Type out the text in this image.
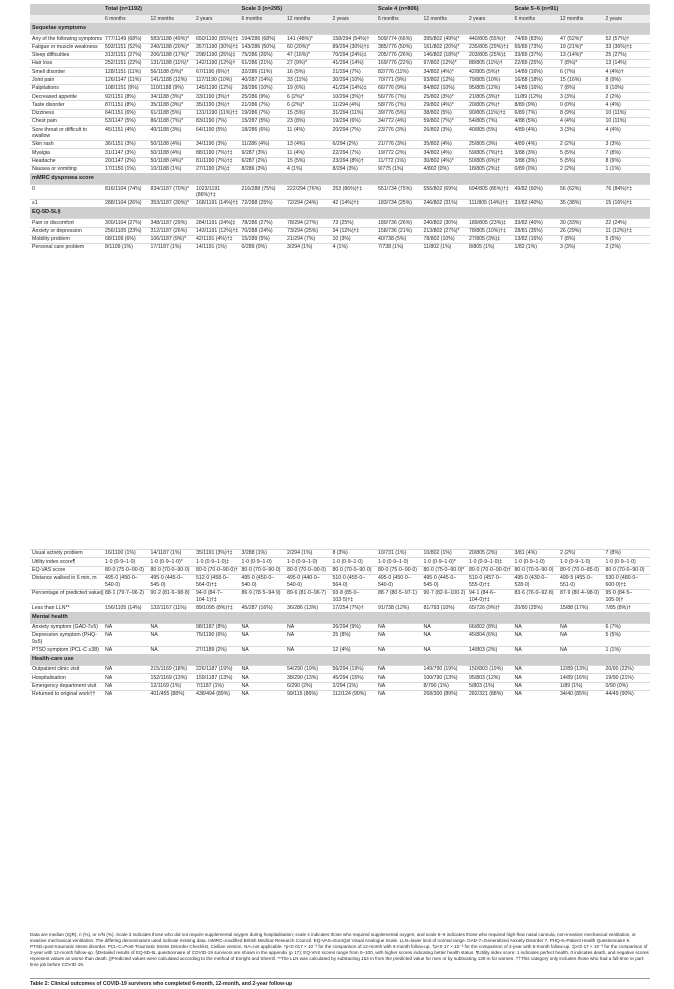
	Total (n=1192)			Scale 3 (n=295)			Scale 4 (n=806)			Scale 5–6 (n=91)		
	6 months	12 months	2 years	6 months	12 months	2 years	6 months	12 months	2 years	6 months	12 months	2 years
Sequelae symptoms												
Any of the following symptoms	777/1149 (68%)	583/1188 (49%)*	650/1190 (55%)†‡	194/286 (68%)	141 (48%)*	158/294 (54%)†	509/774 (66%)	395/802 (49%)*	440/805 (55%)†	74/89 (83%)	47 (52%)*	52 (57%)†
Fatigue or muscle weakness	593/1151 (52%)	240/1188 (20%)*	357/1190 (30%)†‡	143/286 (50%)	60 (20%)*	89/294 (30%)†‡	385/776 (50%)	161/802 (20%)*	235/805 (29%)†‡	65/89 (73%)	19 (21%)*	33 (36%)†‡
Sleep difficulties	313/1151 (27%)	206/1188 (17%)*	298/1190 (25%)‡	75/286 (26%)	47 (16%)*	70/294 (24%)‡	205/776 (26%)	146/802 (18%)*	203/805 (25%)‡	33/89 (37%)	13 (14%)*	25 (27%)
Hair loss	252/1151 (22%)	131/1188 (11%)*	142/1190 (12%)†	61/286 (21%)	27 (9%)*	41/294 (14%)	169/776 (22%)	97/802 (12%)*	88/805 (11%)†	22/89 (25%)	7 (8%)*	13 (14%)
Smell disorder	128/1151 (11%)	56/1188 (5%)*	67/1190 (6%)†	32/286 (11%)	16 (5%)	21/294 (7%)	82/776 (11%)	34/802 (4%)*	42/805 (5%)†	14/89 (16%)	6 (7%)	4 (4%)†
Joint pain	126/1147 (11%)	141/1188 (12%)	117/1190 (10%)	40/287 (14%)	33 (11%)	30/294 (10%)	70/771 (9%)	93/802 (12%)	79/805 (10%)	16/88 (18%)	15 (16%)	8 (9%)
Palpitations	108/1151 (9%)	110/1188 (9%)	145/1190 (12%)	28/286 (10%)	19 (6%)	41/294 (14%)‡	66/776 (9%)	84/802 (10%)	95/805 (12%)	14/89 (16%)	7 (8%)	9 (10%)
Decreased appetite	92/1151 (8%)	34/1188 (3%)*	33/1190 (3%)†	25/286 (9%)	6 (2%)*	10/294 (3%)†	56/776 (7%)	25/802 (3%)*	21/805 (3%)†	11/89 (12%)	3 (3%)	2 (2%)
Taste disorder	87/1151 (8%)	35/1188 (3%)*	35/1190 (3%)†	21/286 (7%)	6 (2%)*	11/294 (4%)	58/776 (7%)	29/802 (4%)*	20/805 (2%)†	8/89 (9%)	0 (0%)	4 (4%)
Dizziness	64/1151 (6%)	61/1188 (5%)	131/1190 (11%)†‡	19/286 (7%)	15 (5%)	31/294 (11%)	39/776 (5%)	38/802 (5%)	90/805 (11%)†‡	6/89 (7%)	8 (9%)	10 (11%)
Chest pain	53/1147 (5%)	86/1188 (7%)*	83/1190 (7%)	15/287 (5%)	23 (8%)	19/294 (6%)	34/772 (4%)	59/802 (7%)*	54/805 (7%)	4/88 (5%)	4 (4%)	10 (11%)
Sore throat or difficult to swallow	45/1151 (4%)	40/1188 (3%)	64/1190 (5%)	18/286 (6%)	11 (4%)	20/294 (7%)	23/776 (3%)	26/802 (3%)	40/805 (5%)	4/89 (4%)	3 (3%)	4 (4%)
Skin rash	36/1151 (3%)	50/1188 (4%)	34/1190 (3%)	11/286 (4%)	13 (4%)	6/294 (2%)	21/776 (3%)	35/802 (4%)	25/805 (3%)	4/89 (4%)	2 (2%)	3 (3%)
Myalgia	31/1147 (3%)	50/1188 (4%)	88/1190 (7%)†‡	9/287 (3%)	11 (4%)	22/294 (7%)	19/772 (2%)	34/802 (4%)	59/805 (7%)†‡	3/88 (3%)	5 (5%)	7 (8%)
Headache	20/1147 (2%)	50/1188 (4%)*	81/1190 (7%)†‡	6/287 (2%)	15 (5%)	23/294 (8%)†	11/772 (1%)	30/802 (4%)*	50/805 (6%)†	3/88 (3%)	5 (5%)	8 (9%)
Nausea or vomiting	17/1150 (1%)	10/1188 (1%)	27/1190 (2%)‡	8/286 (3%)	4 (1%)	8/294 (3%)	9/775 (1%)	4/802 (0%)	18/805 (2%)‡	0/89 (0%)	2 (2%)	1 (1%)
mMRC dyspnoea score												
0	816/1104 (74%)	834/1187 (70%)*	1023/1191 (86%)†‡	216/288 (75%)	222/294 (76%)	253 (86%)†‡	551/734 (75%)	556/802 (69%)	694/805 (86%)†‡	49/82 (60%)	56 (62%)	76 (84%)†‡
≥1	288/1104 (26%)	353/1187 (30%)*	168/1191 (14%)†‡	72/288 (25%)	72/294 (24%)	42 (14%)†‡	183/734 (25%)	246/802 (31%)	111/805 (14%)†‡	33/82 (40%)	35 (38%)	15 (16%)†‡
EQ-5D-5L§												
Pain or discomfort	300/1104 (27%)	348/1187 (29%)	284/1191 (24%)‡	78/286 (27%)	78/294 (27%)	73 (25%)	189/736 (26%)	240/802 (30%)	189/805 (23%)‡	33/82 (40%)	30 (33%)	22 (24%)
Anxiety or depression	256/1105 (23%)	312/1187 (26%)	143/1191 (12%)†‡	70/288 (24%)	73/294 (25%)	34 (12%)†‡	158/736 (21%)	213/802 (27%)*	78/805 (10%)†‡	28/81 (35%)	26 (29%)	11 (12%)†‡
Mobility problem	68/1109 (6%)	106/1187 (9%)*	42/1191 (4%)†‡	15/289 (5%)	21/294 (7%)	10 (3%)	40/738 (5%)	78/802 (10%)	27/805 (3%)‡	13/82 (16%)	7 (8%)	5 (5%)
Personal care problem	8/1109 (1%)	17/1187 (1%)	14/1191 (1%)	0/289 (0%)	3/294 (1%)	4 (1%)	7/738 (1%)	11/802 (1%)	8/805 (1%)	1/82 (1%)	3 (3%)	2 (2%)
Usual activity problem	16/1100 (1%)	14/1187 (1%)	35/1191 (3%)†‡	3/288 (1%)	2/294 (1%)	8 (3%)	10/731 (1%)	10/802 (1%)	20/805 (2%)	3/81 (4%)	2 (2%)	7 (8%)
Utility index score¶	1·0 (0·9–1·0)	1·0 (0·9–1·0)*	1·0 (0·9–1·0)‡	1·0 (0·9–1·0)	1·0 (0·9–1·0)	1·0 (0·9–1·0)	1·0 (0·9–1·0)	1·0 (0·9–1·0)*	1·0 (0·9–1·0)‡	1·0 (0·9–1·0)	1·0 (0·9–1·0)	1·0 (0·9–1·0)
EQ-VAS score	80·0 (75·0–90·0)	80·0 (70·0–90·0)	80·0 (70·0–90·0)†	80·0 (70·0–90·0)	80·0 (70·0–90·0)	80·0 (70·0–90·0)	80·0 (75·0–90·0)	80·0 (75·0–90·0)*	80·0 (70·0–90·0)†	80·0 (70·0–90·0)	80·0 (70·0–85·0)	80·0 (70·0–90·0)
Distance walked in 6 min, m	495·0 (450·0–540·0)	495·0 (445·0–545·0)	512·0 (458·0–564·0)†‡	495·0 (450·0–540·0)	495·0 (440·0–540·0)	510·0 (455·0–564·0)	495·0 (450·0–540·0)	495·0 (445·0–545·0)	510·0 (457·0–555·0)†‡	495·0 (430·0–528·0)	499·5 (455·0–551·0)	530·0 (480·0–600·0)†‡
Percentage of predicted value||	88·1 (79·7–96·2)	90·2 (81·6–98·8)	94·0 (84·7–104·1)†‡	86·9 (78·5–94·9)	89·6 (81·0–96·7)	93·8 (85·0–103·5)†‡	88·7 (80·5–97·1)	90·7 (82·6–100·2)	94·1 (84·6–104·0)†‡	83·6 (76·0–92·8)	87·9 (80·4–98·0)	95·0 (84·5–105·9)†
Less than LLN**	156/1105 (14%)	132/1167 (11%)	89/1095 (8%)†‡	45/287 (16%)	36/286 (13%)	17/254 (7%)†	91/738 (12%)	81/793 (10%)	65/726 (9%)†	20/80 (25%)	15/88 (17%)	7/85 (8%)†
Mental health												
Anxiety symptom (GAD-7≥5)	NA	NA	98/1187 (8%)	NA	NA	26/294 (9%)	NA	NA	66/802 (8%)	NA	NA	6 (7%)
Depression symptom (PHQ-9≥5)	NA	NA	75/1190 (6%)	NA	NA	25 (8%)	NA	NA	45/804 (6%)	NA	NA	5 (5%)
PTSD symptom (PCL-C ≥38)	NA	NA	27/1189 (2%)	NA	NA	12 (4%)	NA	NA	14/803 (2%)	NA	NA	1 (1%)
Health-care use												
Outpatient clinic visit	NA	215/1169 (18%)	226/1187 (19%)	NA	54/290 (19%)	56/294 (19%)	NA	149/790 (19%)	150/803 (19%)	NA	12/89 (13%)	20/90 (22%)
Hospitalisation	NA	152/1169 (13%)	159/1187 (13%)	NA	38/290 (13%)	45/294 (15%)	NA	100/790 (13%)	95/803 (12%)	NA	14/89 (16%)	19/90 (21%)
Emergency department visit	NA	12/1169 (1%)	7/1187 (1%)	NA	6/290 (2%)	2/294 (1%)	NA	8/790 (1%)	5/803 (1%)	NA	1/89 (1%)	0/90 (0%)
Returned to original work††	NA	401/455 (88%)	438/494 (89%)	NA	99/115 (86%)	112/124 (90%)	NA	268/300 (89%)	282/321 (88%)	NA	34/40 (85%)	44/49 (90%)

Data are median (IQR), n (%), or n/N (%). Scale 3 indicates those who did not require supplemental oxygen during hospitalisation; scale 4 indicates those who required supplemental oxygen; and scale 5–6 indicates those who required high-flow nasal cannula, non-invasive mechanical ventilation, or invasive mechanical ventilation. The differing denominators used indicate missing data. mMRC=modified British Medical Research Council. EQ-VAS=EuroQol Visual Analogue Scale. LLN=lower limit of normal range. GAD-7=Generalized Anxiety Disorder 7. PHQ-9=Patient Health Questionnaire 9. PTSD=post-traumatic stress disorder. PCL-C=Post-Traumatic Stress Disorder Checklist, Civilian version. NA=not applicable. *p<0·017 × 10⁻³ for the comparison of 12-month with 6-month follow-up. †p<0·17 × 10⁻³ for the comparison of 2-year with 6-month follow-up. ‡p<0·17 × 10⁻³ for the comparison of 2-year with 12-month follow-up. §Detailed results of EQ-5D-5L questionnaire of COVID-19 survivors are shown in the appendix (p 17); EQ-VAS scores range from 0–100, with higher scores indicating better health status. ¶Utility index score: 1 indicates perfect health, 0 indicates death, and negative scores represent values as worse than death. ||Predicted values were calculated according to the method of Enright and Sherrill. **The LLN was calculated by subtracting 153 m from the predicted value for men or by subtracting 139 m for women. ††This category only includes those who had a full-time or part-time job before COVID-19.

Table 2: Clinical outcomes of COVID-19 survivors who completed 6-month, 12-month, and 2-year follow-up
